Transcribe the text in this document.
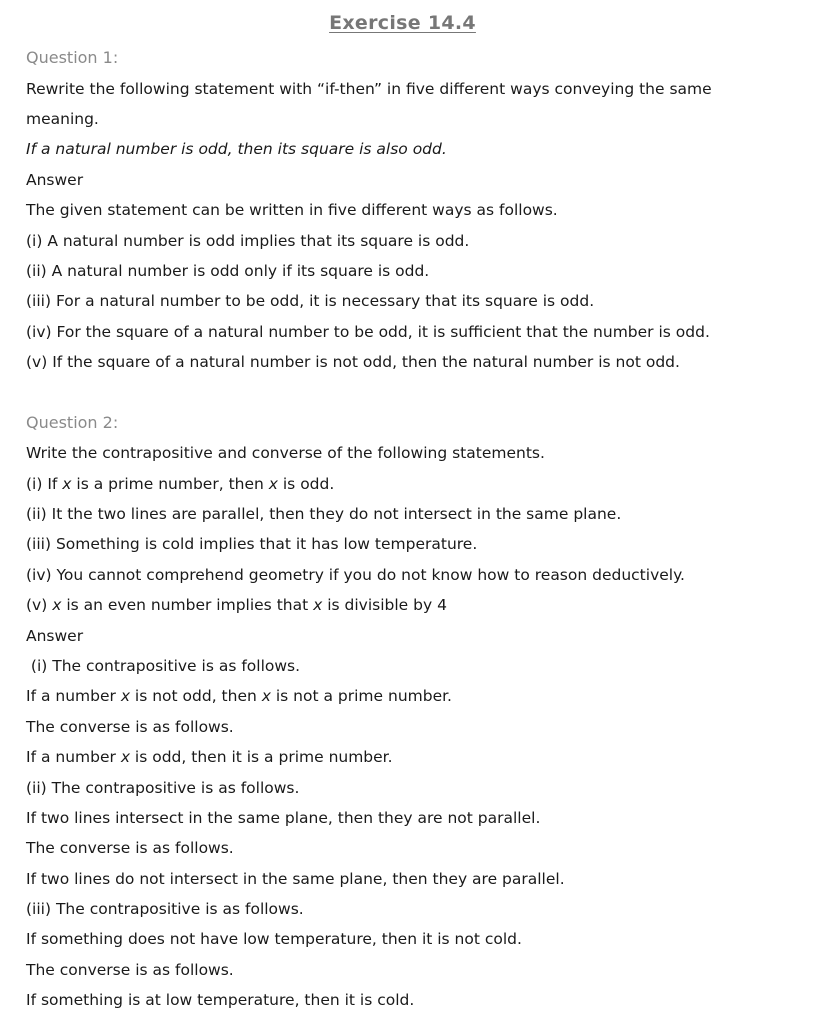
Exercise 14.4
Question 1:
Rewrite the following statement with “if-then” in five different ways conveying the same
meaning.
If a natural number is odd, then its square is also odd.
Answer
The given statement can be written in five different ways as follows.
(i) A natural number is odd implies that its square is odd.
(ii) A natural number is odd only if its square is odd.
(iii) For a natural number to be odd, it is necessary that its square is odd.
(iv) For the square of a natural number to be odd, it is sufficient that the number is odd.
(v) If the square of a natural number is not odd, then the natural number is not odd.
Question 2:
Write the contrapositive and converse of the following statements.
(i) If x is a prime number, then x is odd.
(ii) It the two lines are parallel, then they do not intersect in the same plane.
(iii) Something is cold implies that it has low temperature.
(iv) You cannot comprehend geometry if you do not know how to reason deductively.
(v) x is an even number implies that x is divisible by 4
Answer
(i) The contrapositive is as follows.
If a number x is not odd, then x is not a prime number.
The converse is as follows.
If a number x is odd, then it is a prime number.
(ii) The contrapositive is as follows.
If two lines intersect in the same plane, then they are not parallel.
The converse is as follows.
If two lines do not intersect in the same plane, then they are parallel.
(iii) The contrapositive is as follows.
If something does not have low temperature, then it is not cold.
The converse is as follows.
If something is at low temperature, then it is cold.
